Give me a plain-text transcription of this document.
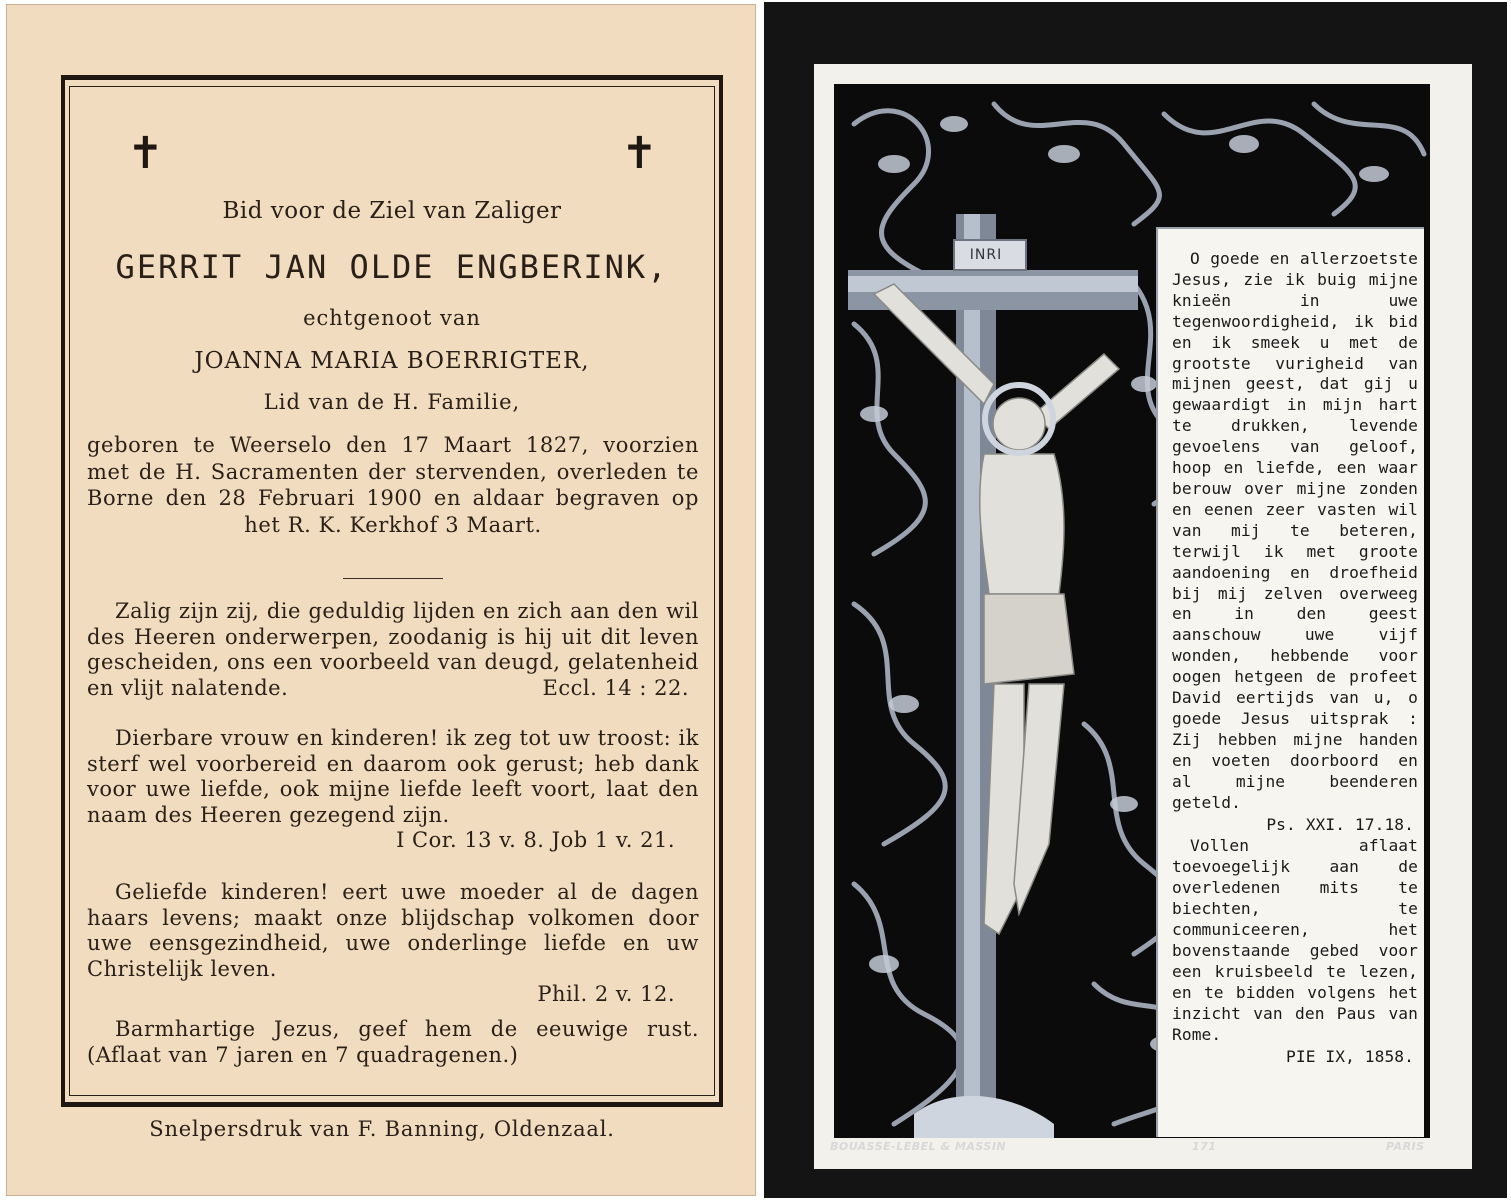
✝	✝
Bid voor de Ziel van Zaliger
GERRIT JAN OLDE ENGBERINK,
echtgenoot van
JOANNA MARIA BOERRIGTER,
Lid van de H. Familie,
geboren te Weerselo den 17 Maart 1827, voorzien met de H. Sacramenten der stervenden, overleden te Borne den 28 Februari 1900 en aldaar begraven op het R. K. Kerkhof 3 Maart.
Zalig zijn zij, die geduldig lijden en zich aan den wil des Heeren onderwerpen, zoodanig is hij uit dit leven gescheiden, ons een voorbeeld van deugd, gelatenheid en vlijt nalatende.	Eccl. 14 : 22.
Dierbare vrouw en kinderen! ik zeg tot uw troost: ik sterf wel voorbereid en daarom ook gerust; heb dank voor uwe liefde, ook mijne liefde leeft voort, laat den naam des Heeren gezegend zijn.
I Cor. 13 v. 8. Job 1 v. 21.
Geliefde kinderen! eert uwe moeder al de dagen haars levens; maakt onze blijdschap volkomen door uwe eensgezindheid, uwe onderlinge liefde en uw Christelijk leven.
Phil. 2 v. 12.
Barmhartige Jezus, geef hem de eeuwige rust. (Aflaat van 7 jaren en 7 quadragenen.)
Snelpersdruk van F. Banning, Oldenzaal.
INRI	O goede en allerzoetste Jesus, zie ik buig mijne knieën in uwe tegenwoordigheid, ik bid en ik smeek u met de grootste vurigheid van mijnen geest, dat gij u gewaardigt in mijn hart te drukken, levende gevoelens van geloof, hoop en liefde, een waar berouw over mijne zonden en eenen zeer vasten wil van mij te beteren, terwijl ik met groote aandoening en droefheid bij mij zelven overweeg en in den geest aanschouw uwe vijf wonden, hebbende voor oogen hetgeen de profeet David eertijds van u, o goede Jesus uitsprak : Zij hebben mijne handen en voeten doorboord en al mijne beenderen geteld.
Ps. XXI. 17.18.
Vollen aflaat toevoegelijk aan de overledenen mits te biechten, te communiceeren, het bovenstaande gebed voor een kruisbeeld te lezen, en te bidden volgens het inzicht van den Paus van Rome.
PIE IX, 1858.
BOUASSE-LEBEL & MASSIN	171	PARIS
